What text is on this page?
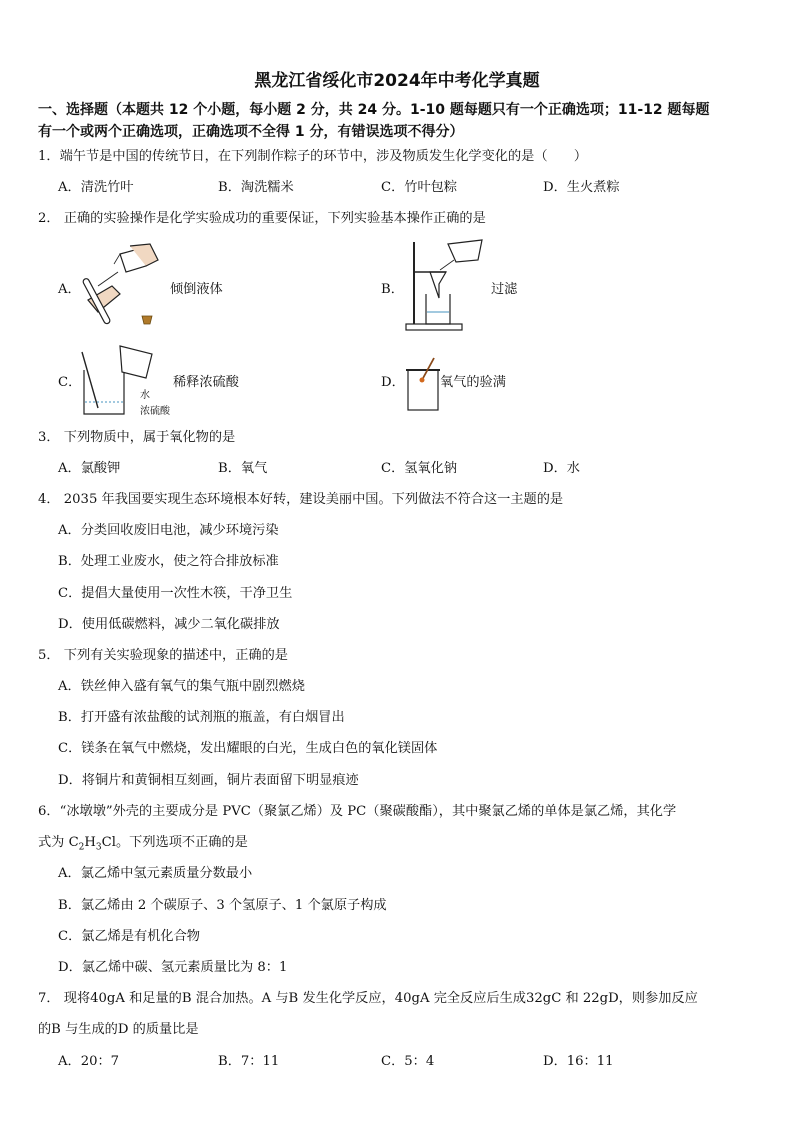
黑龙江省绥化市2024年中考化学真题
一、选择题（本题共 12 个小题，每小题 2 分，共 24 分。1-10 题每题只有一个正确选项；11-12 题每题
有一个或两个正确选项，正确选项不全得 1 分，有错误选项不得分）
1．端午节是中国的传统节日，在下列制作粽子的环节中，涉及物质发生化学变化的是（　　）
A．清洗竹叶	B．淘洗糯米	C．竹叶包粽	D．生火煮粽
2． 正确的实验操作是化学实验成功的重要保证，下列实验基本操作正确的是
A．	倾倒液体	B．	过滤
C．
水
浓硫酸
稀释浓硫酸	D．	氧气的验满
3． 下列物质中，属于氧化物的是
A．氯酸钾	B．氧气	C．氢氧化钠	D．水
4． 2035 年我国要实现生态环境根本好转，建设美丽中国。下列做法不符合这一主题的是
A．分类回收废旧电池，减少环境污染
B．处理工业废水，使之符合排放标准
C．提倡大量使用一次性木筷，干净卫生
D．使用低碳燃料，减少二氧化碳排放
5． 下列有关实验现象的描述中，正确的是
A．铁丝伸入盛有氧气的集气瓶中剧烈燃烧
B．打开盛有浓盐酸的试剂瓶的瓶盖，有白烟冒出
C．镁条在氧气中燃烧，发出耀眼的白光，生成白色的氧化镁固体
D．将铜片和黄铜相互刻画，铜片表面留下明显痕迹
6．“冰墩墩”外壳的主要成分是 PVC（聚氯乙烯）及 PC（聚碳酸酯），其中聚氯乙烯的单体是氯乙烯，其化学
式为 $C_2H_3Cl$。下列选项不正确的是
A．氯乙烯中氢元素质量分数最小
B．氯乙烯由 2 个碳原子、3 个氢原子、1 个氯原子构成
C．氯乙烯是有机化合物
D．氯乙烯中碳、氢元素质量比为 8：1
7． 现将40gA 和足量的B 混合加热。A 与B 发生化学反应，40gA 完全反应后生成32gC 和 22gD，则参加反应
的B 与生成的D 的质量比是
A．20：7	B．7：11	C．5：4	D．16：11
